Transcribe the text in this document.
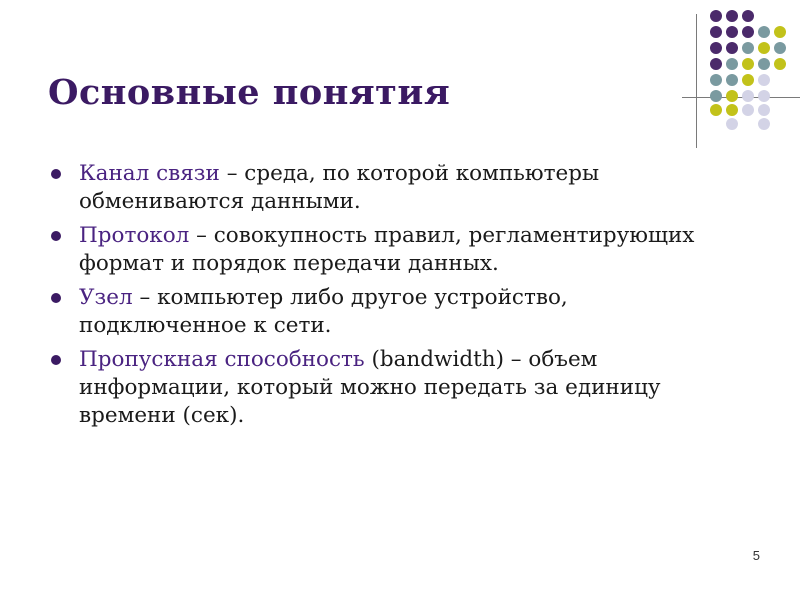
Основные понятия
Канал связи – среда, по которой компьютеры обмениваются данными.
Протокол – совокупность правил, регламентирующих формат и порядок передачи данных.
Узел – компьютер либо другое устройство, подключенное к сети.
Пропускная способность (bandwidth) – объем информации, который можно передать за единицу времени (сек).
5
